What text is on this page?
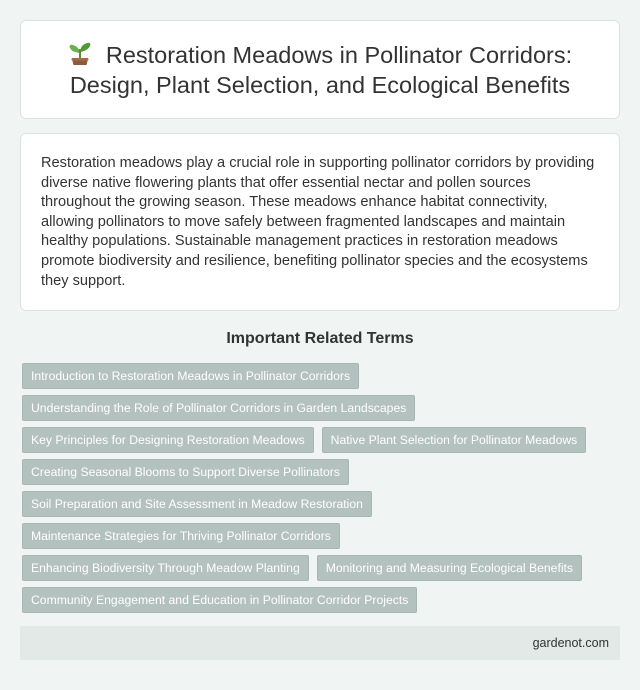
Restoration Meadows in Pollinator Corridors: Design, Plant Selection, and Ecological Benefits

Restoration meadows play a crucial role in supporting pollinator corridors by providing diverse native flowering plants that offer essential nectar and pollen sources throughout the growing season. These meadows enhance habitat connectivity, allowing pollinators to move safely between fragmented landscapes and maintain healthy populations. Sustainable management practices in restoration meadows promote biodiversity and resilience, benefiting pollinator species and the ecosystems they support.

Important Related Terms
Introduction to Restoration Meadows in Pollinator Corridors
Understanding the Role of Pollinator Corridors in Garden Landscapes
Key Principles for Designing Restoration Meadows	Native Plant Selection for Pollinator Meadows
Creating Seasonal Blooms to Support Diverse Pollinators
Soil Preparation and Site Assessment in Meadow Restoration
Maintenance Strategies for Thriving Pollinator Corridors
Enhancing Biodiversity Through Meadow Planting	Monitoring and Measuring Ecological Benefits
Community Engagement and Education in Pollinator Corridor Projects
gardenot.com
